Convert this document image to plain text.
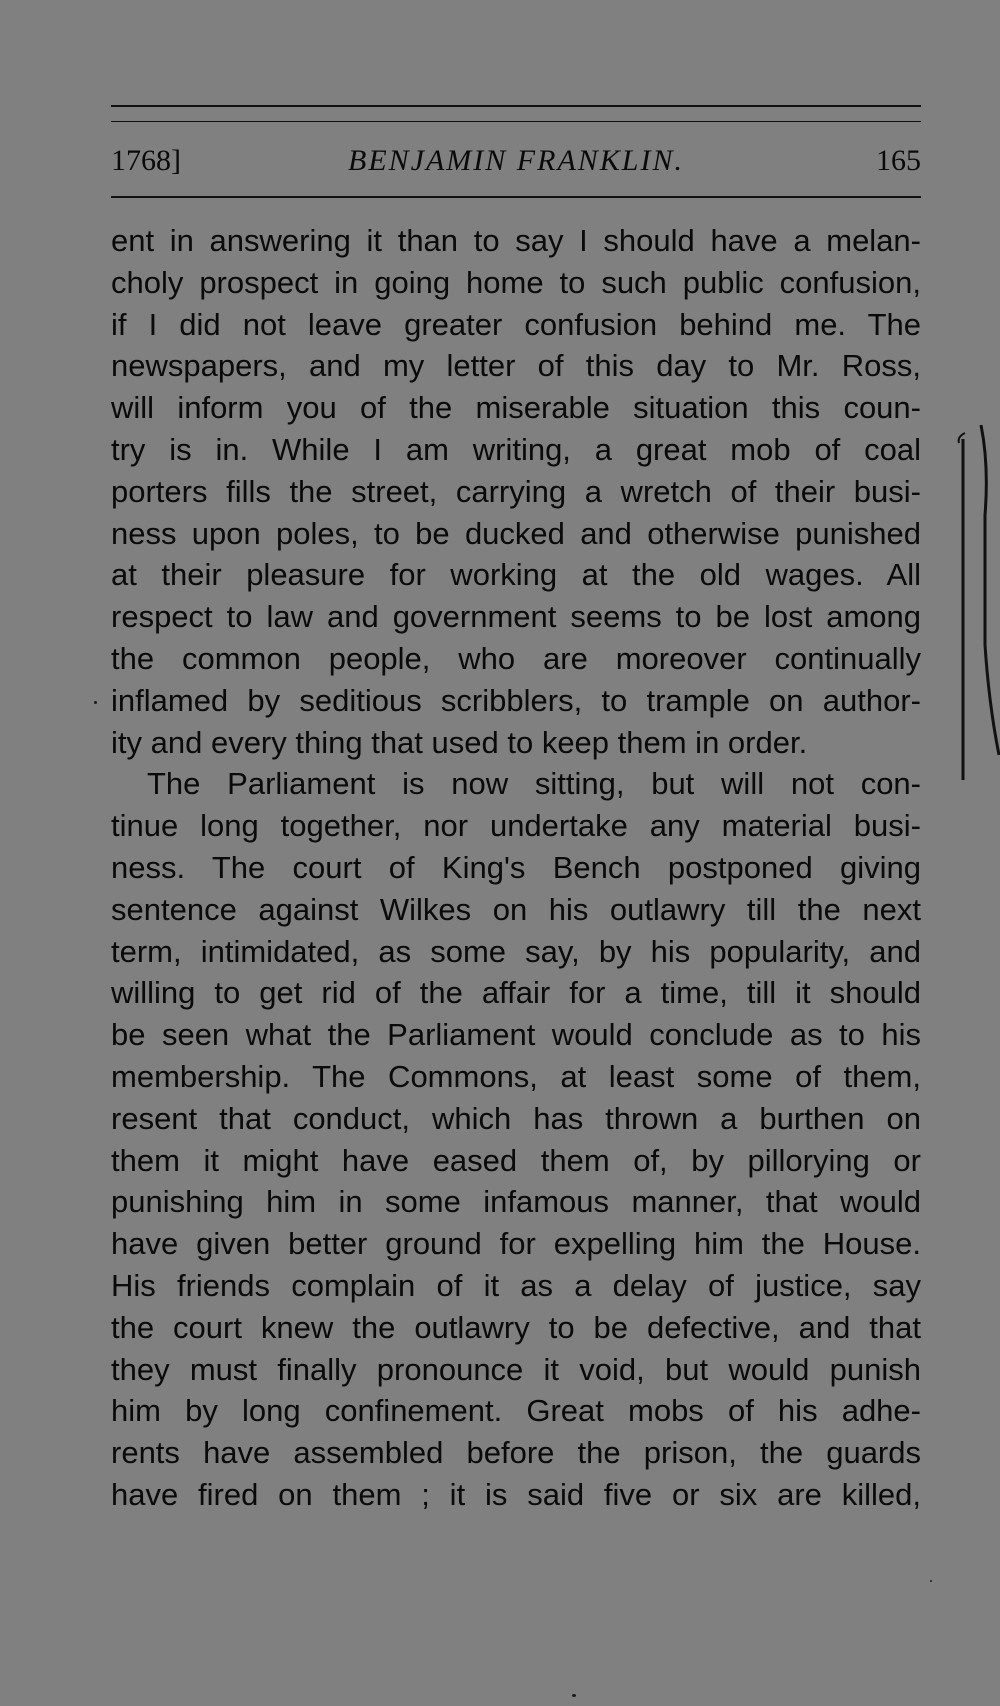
1768]	BENJAMIN FRANKLIN.	165
ent in answering it than to say I should have a melan-
choly prospect in going home to such public confusion,
if I did not leave greater confusion behind me. The
newspapers, and my letter of this day to Mr. Ross,
will inform you of the miserable situation this coun-
try is in. While I am writing, a great mob of coal
porters fills the street, carrying a wretch of their busi-
ness upon poles, to be ducked and otherwise punished
at their pleasure for working at the old wages. All
respect to law and government seems to be lost among
the common people, who are moreover continually
inflamed by seditious scribblers, to trample on author-
ity and every thing that used to keep them in order.
The Parliament is now sitting, but will not con-
tinue long together, nor undertake any material busi-
ness. The court of King's Bench postponed giving
sentence against Wilkes on his outlawry till the next
term, intimidated, as some say, by his popularity, and
willing to get rid of the affair for a time, till it should
be seen what the Parliament would conclude as to his
membership. The Commons, at least some of them,
resent that conduct, which has thrown a burthen on
them it might have eased them of, by pillorying or
punishing him in some infamous manner, that would
have given better ground for expelling him the House.
His friends complain of it as a delay of justice, say
the court knew the outlawry to be defective, and that
they must finally pronounce it void, but would punish
him by long confinement. Great mobs of his adhe-
rents have assembled before the prison, the guards
have fired on them ; it is said five or six are killed,
